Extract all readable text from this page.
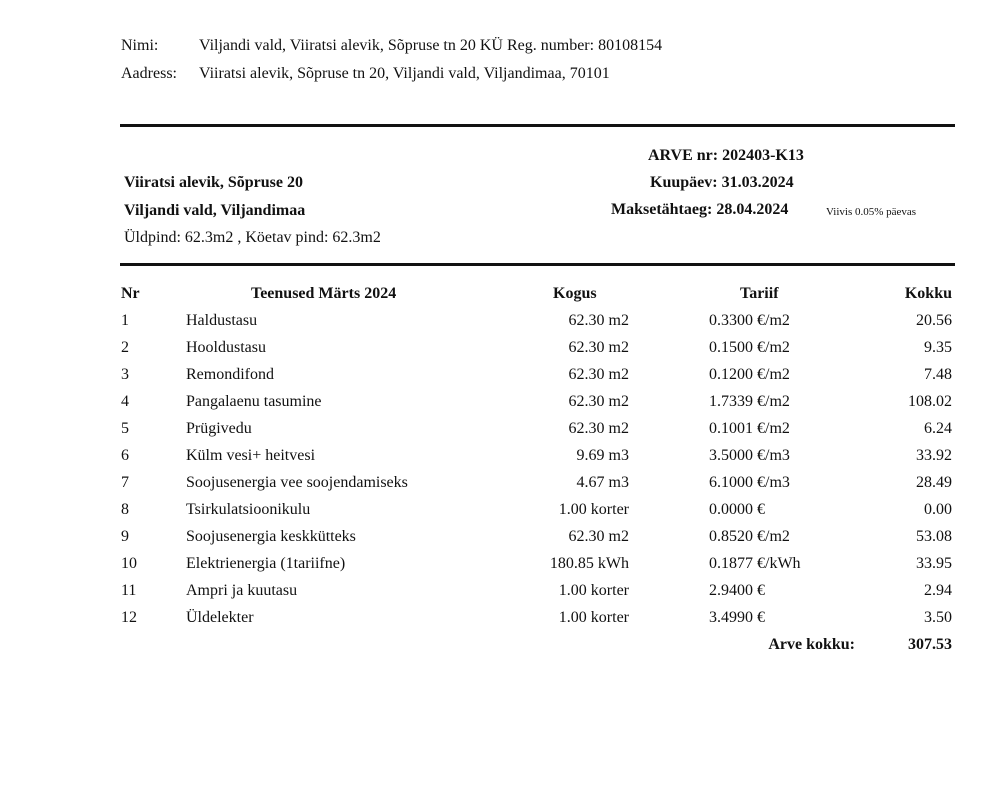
Nimi:	Viljandi vald, Viiratsi alevik, Sõpruse tn 20 KÜ Reg. number: 80108154
Aadress: Viiratsi alevik, Sõpruse tn 20, Viljandi vald, Viljandimaa, 70101
Viiratsi alevik, Sõpruse 20
Viljandi vald, Viljandimaa
Üldpind: 62.3m2 , Köetav pind: 62.3m2
ARVE nr: 202403-K13
Kuupäev: 31.03.2024
Maksetähtaeg: 28.04.2024	Viivis 0.05% päevas
Nr	Teenused Märts 2024	Kogus	Tariif	Kokku
1	Haldustasu	62.30 m2	0.3300 €/m2	20.56
2	Hooldustasu	62.30 m2	0.1500 €/m2	9.35
3	Remondifond	62.30 m2	0.1200 €/m2	7.48
4	Pangalaenu tasumine	62.30 m2	1.7339 €/m2	108.02
5	Prügivedu	62.30 m2	0.1001 €/m2	6.24
6	Külm vesi+ heitvesi	9.69 m3	3.5000 €/m3	33.92
7	Soojusenergia vee soojendamiseks	4.67 m3	6.1000 €/m3	28.49
8	Tsirkulatsioonikulu	1.00 korter	0.0000 €	0.00
9	Soojusenergia keskkütteks	62.30 m2	0.8520 €/m2	53.08
10	Elektrienergia (1tariifne)	180.85 kWh	0.1877 €/kWh	33.95
11	Ampri ja kuutasu	1.00 korter	2.9400 €	2.94
12	Üldelekter	1.00 korter	3.4990 €	3.50
Arve kokku:	307.53
